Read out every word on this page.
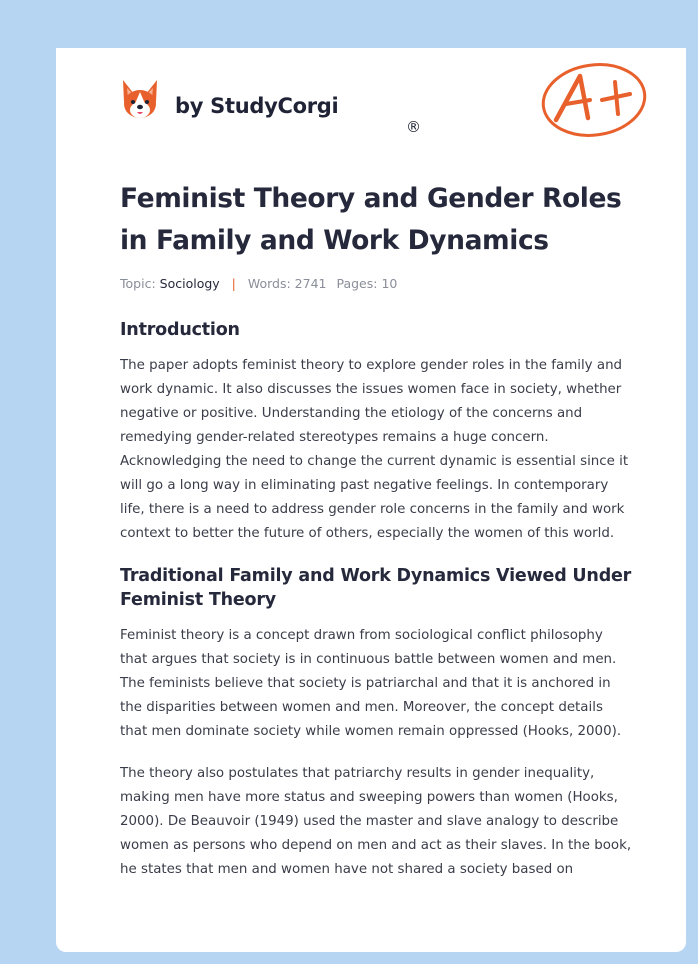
by StudyCorgi
®
Feminist Theory and Gender Roles in Family and Work Dynamics
Topic: Sociology | Words: 2741 Pages: 10
Introduction

The paper adopts feminist theory to explore gender roles in the family and work dynamic. It also discusses the issues women face in society, whether negative or positive. Understanding the etiology of the concerns and remedying gender-related stereotypes remains a huge concern. Acknowledging the need to change the current dynamic is essential since it will go a long way in eliminating past negative feelings. In contemporary life, there is a need to address gender role concerns in the family and work context to better the future of others, especially the women of this world.

Traditional Family and Work Dynamics Viewed Under Feminist Theory

Feminist theory is a concept drawn from sociological conflict philosophy that argues that society is in continuous battle between women and men. The feminists believe that society is patriarchal and that it is anchored in the disparities between women and men. Moreover, the concept details that men dominate society while women remain oppressed (Hooks, 2000).

The theory also postulates that patriarchy results in gender inequality, making men have more status and sweeping powers than women (Hooks, 2000). De Beauvoir (1949) used the master and slave analogy to describe women as persons who depend on men and act as their slaves. In the book, he states that men and women have not shared a society based on
